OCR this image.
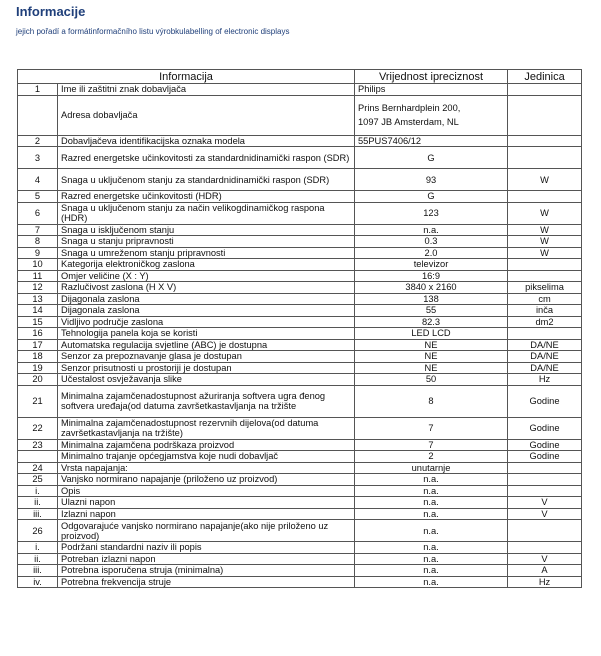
Informacije
jejich pořadí a formátinformačního listu výrobkulabelling of electronic displays
Informacija		Vrijednost ipreciznost	Jedinica
1	Ime ili zaštitni znak dobavljača	Philips	
	Adresa dobavljača	Prins Bernhardplein 200,
1097 JB Amsterdam, NL	
2	Dobavljačeva identifikacijska oznaka modela	55PUS7406/12	
3	Razred energetske učinkovitosti za standardnidinamički raspon (SDR)	G	
4	Snaga u uključenom stanju za standardnidinamički raspon (SDR)	93	W
5	Razred energetske učinkovitosti (HDR)	G	
6	Snaga u uključenom stanju za način velikogdinamičkog raspona (HDR)	123	W
7	Snaga u isključenom stanju	n.a.	W
8	Snaga u stanju pripravnosti	0.3	W
9	Snaga u umreženom stanju pripravnosti	2.0	W
10	Kategorija elektroničkog zaslona	televizor	
11	Omjer veličine (X : Y)	16:9	
12	Razlučivost zaslona (H X V)	3840 x 2160	pikselima
13	Dijagonala zaslona	138	cm
14	Dijagonala zaslona	55	inča
15	Vidljivo područje zaslona	82.3	dm2
16	Tehnologija panela koja se koristi	LED LCD	
17	Automatska regulacija svjetline (ABC) je dostupna	NE	DA/NE
18	Senzor za prepoznavanje glasa je dostupan	NE	DA/NE
19	Senzor prisutnosti u prostoriji je dostupan	NE	DA/NE
20	Učestalost osvježavanja slike	50	Hz
21	Minimalna zajamčenadostupnost ažuriranja softvera ugra đenog softvera uređaja(od datuma završetkastavljanja na tržište	8	Godine
22	Minimalna zajamčenadostupnost rezervnih dijelova(od datuma završetkastavljanja na tržište)	7	Godine
23	Minimalna zajamčena podrškaza proizvod	7	Godine
	Minimalno trajanje općegjamstva koje nudi dobavljač	2	Godine
24	Vrsta napajanja:	unutarnje	
25	Vanjsko normirano napajanje (priloženo uz proizvod)	n.a.	
i.	Opis	n.a.	
ii.	Ulazni napon	n.a.	V
iii.	Izlazni napon	n.a.	V
26	Odgovarajuće vanjsko normirano napajanje(ako nije priloženo uz proizvod)	n.a.	
i.	Podržani standardni naziv ili popis	n.a.	
ii.	Potreban izlazni napon	n.a.	V
iii.	Potrebna isporučena struja (minimalna)	n.a.	A
iv.	Potrebna frekvencija struje	n.a.	Hz
